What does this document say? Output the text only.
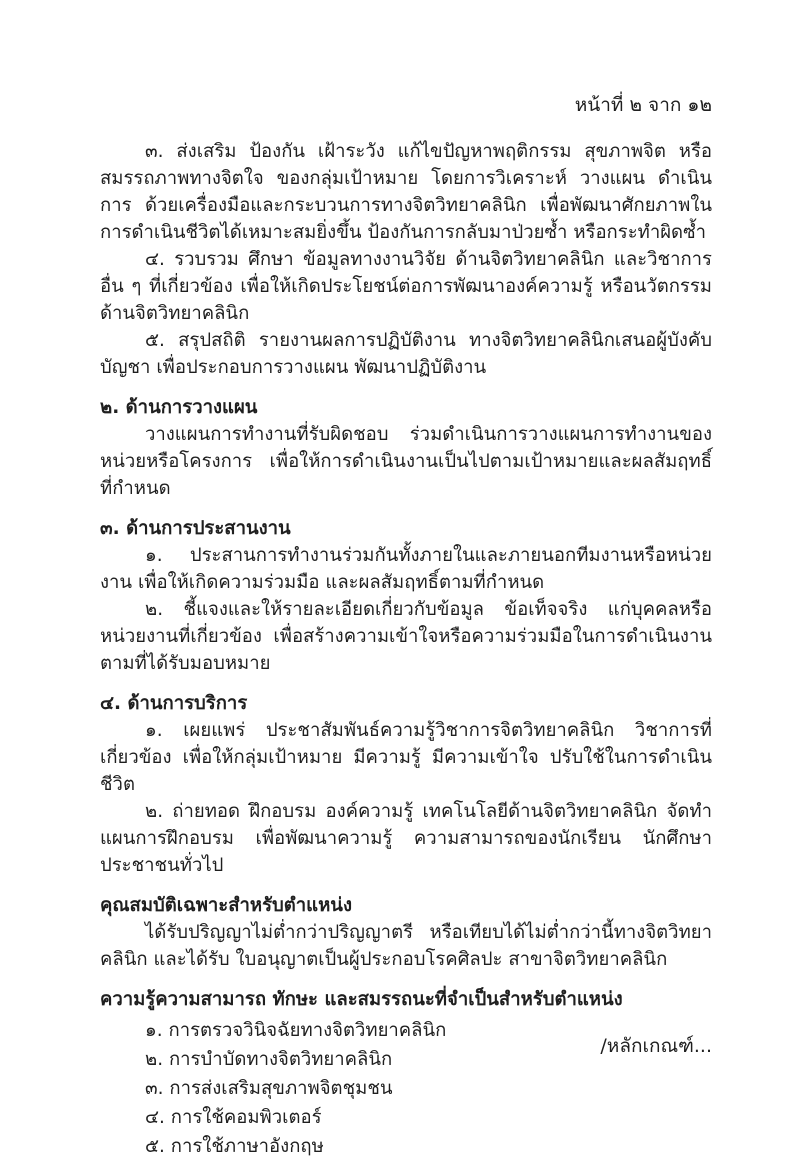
หน้าที่ ๒ จาก ๑๒

๓. ส่งเสริม ป้องกัน เฝ้าระวัง แก้ไขปัญหาพฤติกรรม สุขภาพจิต หรือสมรรถภาพทางจิตใจ ของกลุ่มเป้าหมาย โดยการวิเคราะห์ วางแผน ดำเนินการ ด้วยเครื่องมือและกระบวนการทางจิตวิทยาคลินิก เพื่อพัฒนาศักยภาพในการดำเนินชีวิตได้เหมาะสมยิ่งขึ้น ป้องกันการกลับมาป่วยซ้ำ หรือกระทำผิดซ้ำ

๔. รวบรวม ศึกษา ข้อมูลทางงานวิจัย ด้านจิตวิทยาคลินิก และวิชาการอื่น ๆ ที่เกี่ยวข้อง เพื่อให้เกิดประโยชน์ต่อการพัฒนาองค์ความรู้ หรือนวัตกรรมด้านจิตวิทยาคลินิก

๕. สรุปสถิติ รายงานผลการปฏิบัติงาน ทางจิตวิทยาคลินิกเสนอผู้บังคับบัญชา เพื่อประกอบการวางแผน พัฒนาปฏิบัติงาน

๒. ด้านการวางแผน

วางแผนการทำงานที่รับผิดชอบ ร่วมดำเนินการวางแผนการทำงานของหน่วยหรือโครงการ เพื่อให้การดำเนินงานเป็นไปตามเป้าหมายและผลสัมฤทธิ์ที่กำหนด

๓. ด้านการประสานงาน

๑. ประสานการทำงานร่วมกันทั้งภายในและภายนอกทีมงานหรือหน่วยงาน เพื่อให้เกิดความร่วมมือ และผลสัมฤทธิ์ตามที่กำหนด

๒. ชี้แจงและให้รายละเอียดเกี่ยวกับข้อมูล ข้อเท็จจริง แก่บุคคลหรือหน่วยงานที่เกี่ยวข้อง เพื่อสร้างความเข้าใจหรือความร่วมมือในการดำเนินงานตามที่ได้รับมอบหมาย

๔. ด้านการบริการ

๑. เผยแพร่ ประชาสัมพันธ์ความรู้วิชาการจิตวิทยาคลินิก วิชาการที่เกี่ยวข้อง เพื่อให้กลุ่มเป้าหมาย มีความรู้ มีความเข้าใจ ปรับใช้ในการดำเนินชีวิต

๒. ถ่ายทอด ฝึกอบรม องค์ความรู้ เทคโนโลยีด้านจิตวิทยาคลินิก จัดทำแผนการฝึกอบรม เพื่อพัฒนาความรู้ ความสามารถของนักเรียน นักศึกษา ประชาชนทั่วไป

คุณสมบัติเฉพาะสำหรับตำแหน่ง

ได้รับปริญญาไม่ต่ำกว่าปริญญาตรี หรือเทียบได้ไม่ต่ำกว่านี้ทางจิตวิทยาคลินิก และได้รับ ใบอนุญาตเป็นผู้ประกอบโรคศิลปะ สาขาจิตวิทยาคลินิก

ความรู้ความสามารถ ทักษะ และสมรรถนะที่จำเป็นสำหรับตำแหน่ง

๑. การตรวจวินิจฉัยทางจิตวิทยาคลินิก

๒. การบำบัดทางจิตวิทยาคลินิก

๓. การส่งเสริมสุขภาพจิตชุมชน

๔. การใช้คอมพิวเตอร์

๕. การใช้ภาษาอังกฤษ

/หลักเกณฑ์...
